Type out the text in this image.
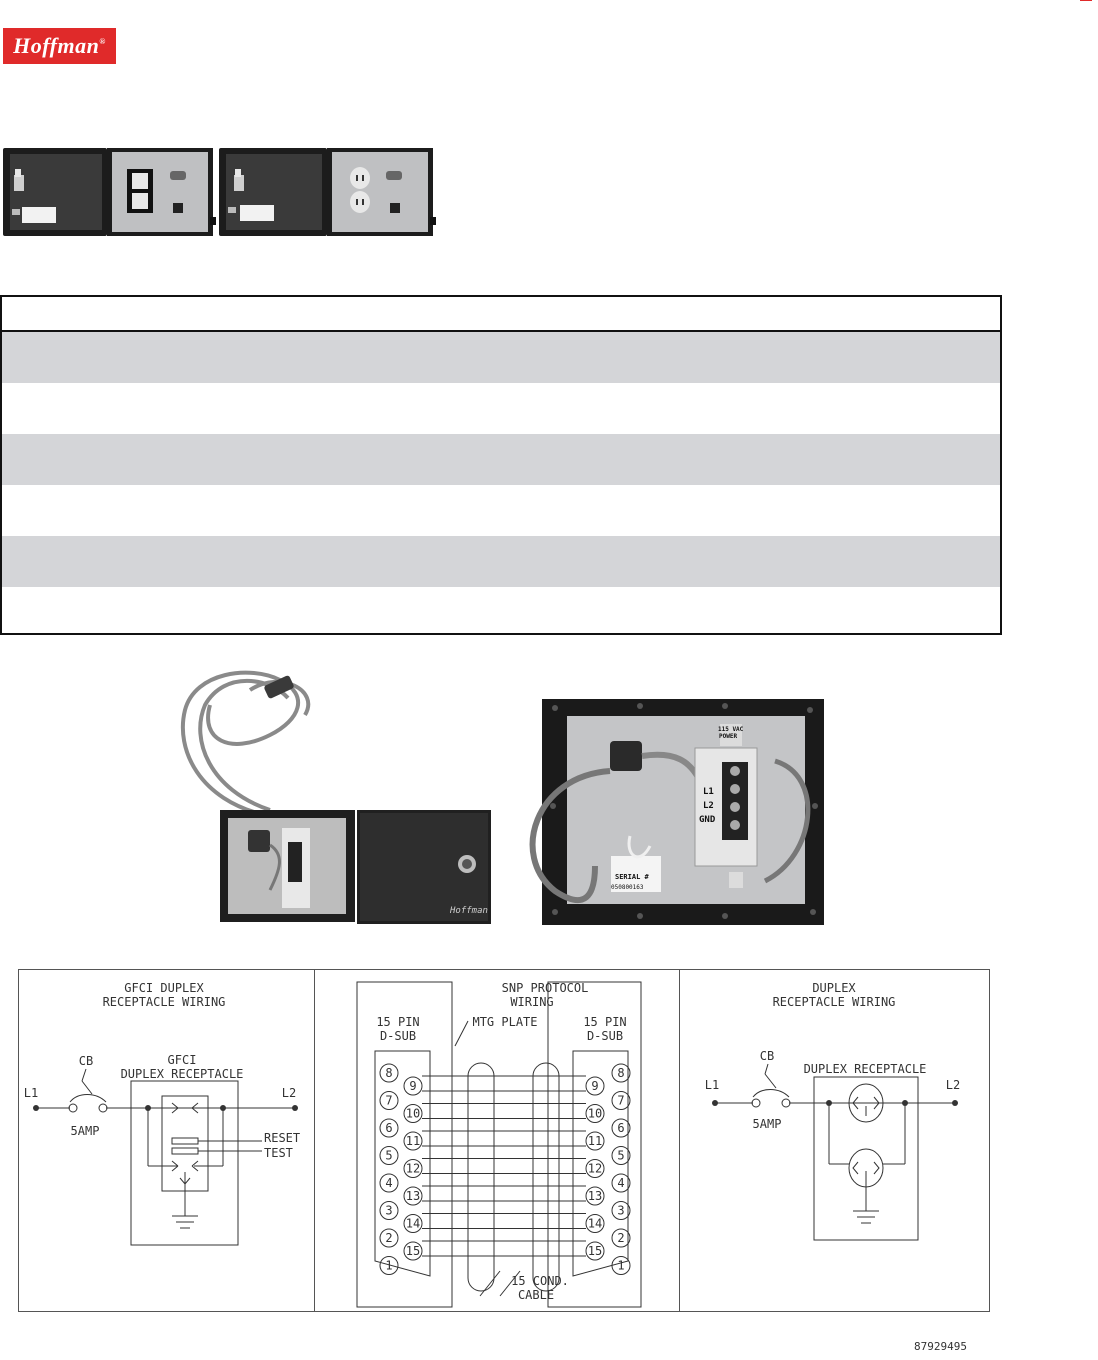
Hoffman®
Hoffman
115 VAC
POWER
L1
L2
GND
SERIAL #
050800163
GFCI DUPLEX
RECEPTACLE WIRING
CB	GFCI
DUPLEX RECEPTACLE
L1	L2
5AMP	RESET
TEST
SNP PROTOCOL
WIRING
15 PIN
D-SUB
15 PIN
D-SUB
MTG PLATE
15 COND.
CABLE
8	8
7	7
6	6
5	5
4	4
3	3
2	2
1	1
9	9
10	10
11	11
12	12
13	13
14	14
15	15
DUPLEX
RECEPTACLE WIRING
CB
DUPLEX RECEPTACLE
L1	L2
5AMP
87929495
